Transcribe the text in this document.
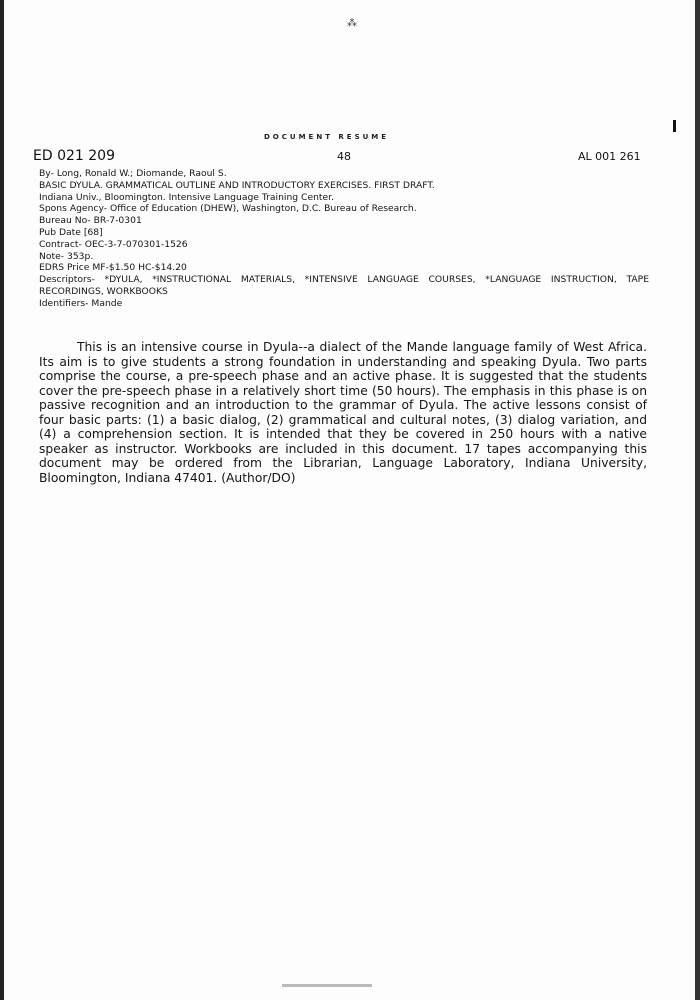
⁂
DOCUMENT RESUME
ED 021 209	48	AL 001 261
By- Long, Ronald W.; Diomande, Raoul S.
BASIC DYULA. GRAMMATICAL OUTLINE AND INTRODUCTORY EXERCISES. FIRST DRAFT.
Indiana Univ., Bloomington. Intensive Language Training Center.
Spons Agency- Office of Education (DHEW), Washington, D.C. Bureau of Research.
Bureau No- BR-7-0301
Pub Date [68]
Contract- OEC-3-7-070301-1526
Note- 353p.
EDRS Price MF-$1.50 HC-$14.20
Descriptors- *DYULA, *INSTRUCTIONAL MATERIALS, *INTENSIVE LANGUAGE COURSES, *LANGUAGE INSTRUCTION, TAPE RECORDINGS, WORKBOOKS
Identifiers- Mande

This is an intensive course in Dyula--a dialect of the Mande language family of West Africa. Its aim is to give students a strong foundation in understanding and speaking Dyula. Two parts comprise the course, a pre-speech phase and an active phase. It is suggested that the students cover the pre-speech phase in a relatively short time (50 hours). The emphasis in this phase is on passive recognition and an introduction to the grammar of Dyula. The active lessons consist of four basic parts: (1) a basic dialog, (2) grammatical and cultural notes, (3) dialog variation, and (4) a comprehension section. It is intended that they be covered in 250 hours with a native speaker as instructor. Workbooks are included in this document. 17 tapes accompanying this document may be ordered from the Librarian, Language Laboratory, Indiana University, Bloomington, Indiana 47401. (Author/DO)
